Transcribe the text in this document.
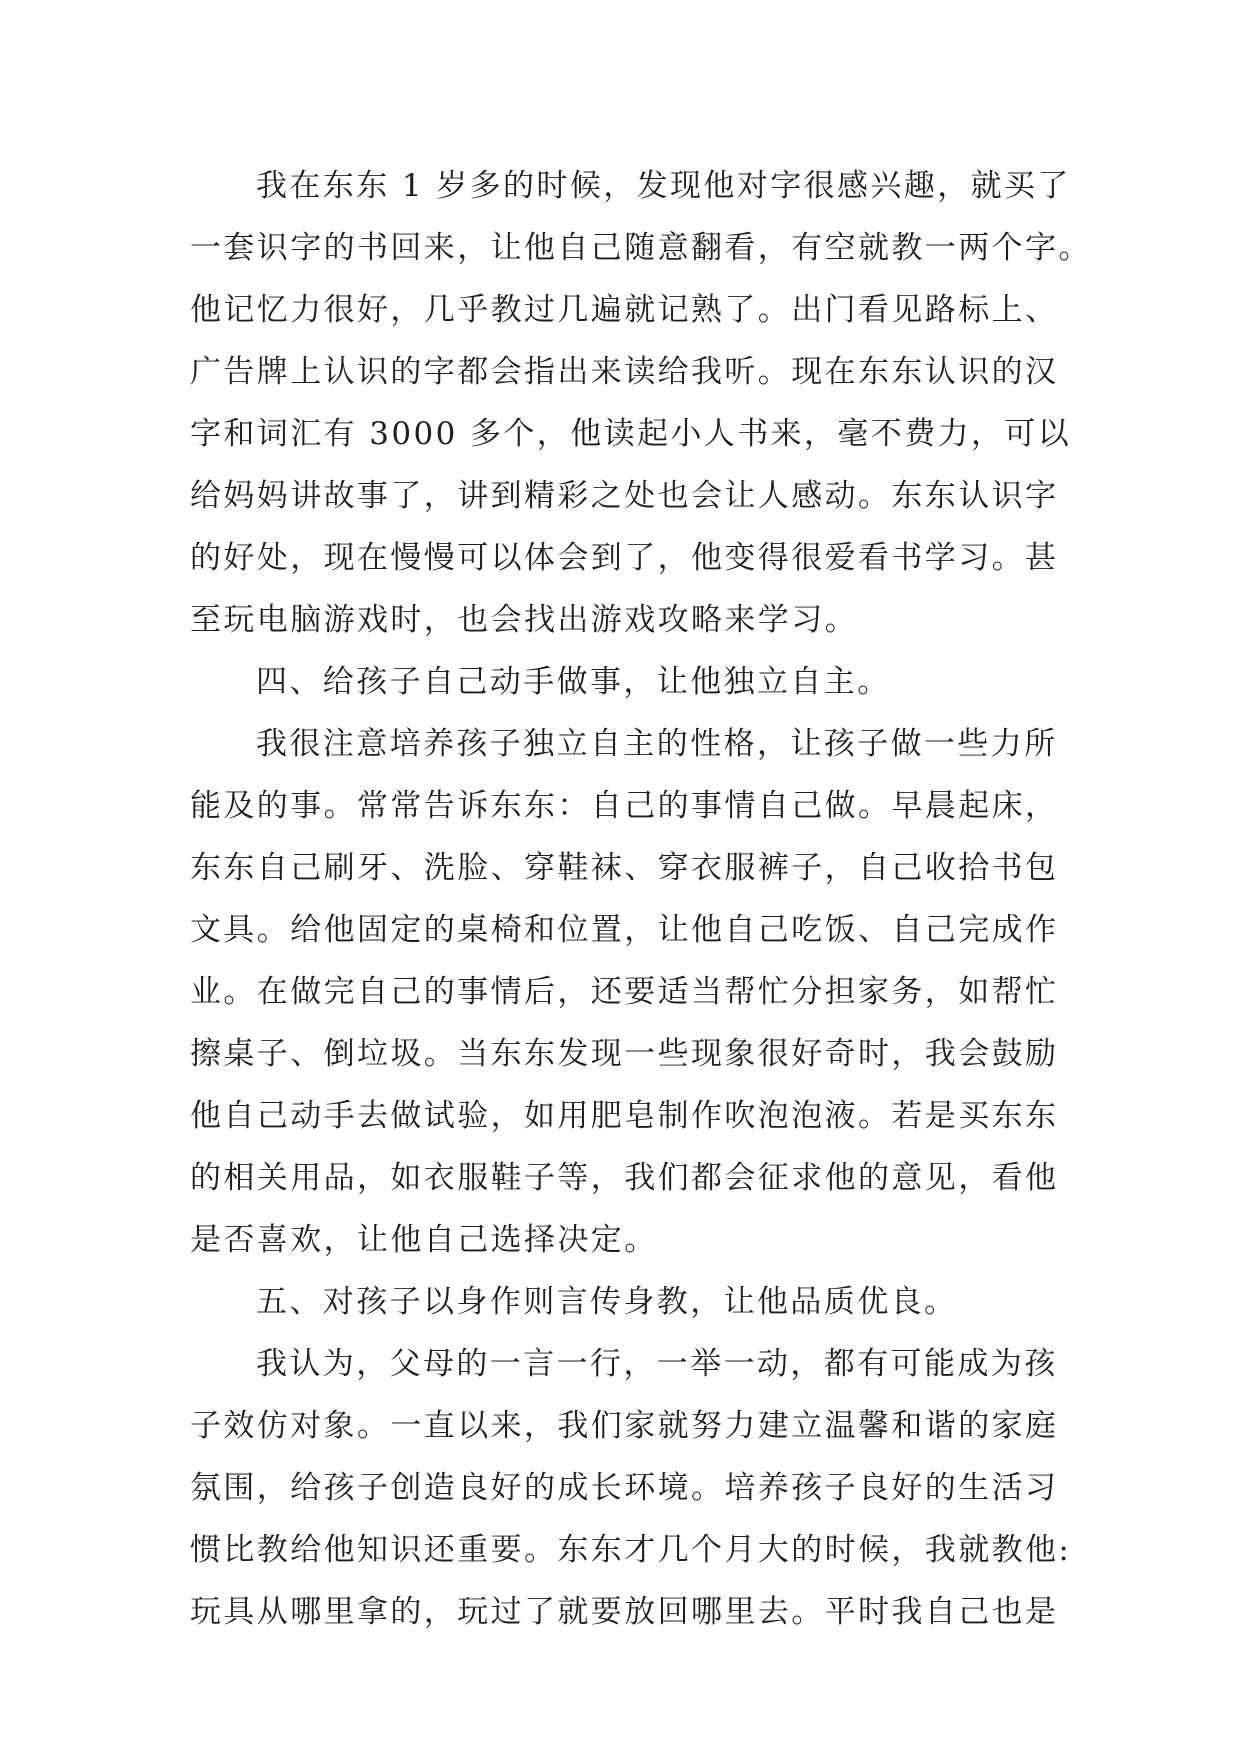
我在东东 1 岁多的时候，发现他对字很感兴趣，就买了
一套识字的书回来，让他自己随意翻看，有空就教一两个字。
他记忆力很好，几乎教过几遍就记熟了。出门看见路标上、
广告牌上认识的字都会指出来读给我听。现在东东认识的汉
字和词汇有 3000 多个，他读起小人书来，毫不费力，可以
给妈妈讲故事了，讲到精彩之处也会让人感动。东东认识字
的好处，现在慢慢可以体会到了，他变得很爱看书学习。甚
至玩电脑游戏时，也会找出游戏攻略来学习。
四、给孩子自己动手做事，让他独立自主。
我很注意培养孩子独立自主的性格，让孩子做一些力所
能及的事。常常告诉东东：自己的事情自己做。早晨起床，
东东自己刷牙、洗脸、穿鞋袜、穿衣服裤子，自己收拾书包
文具。给他固定的桌椅和位置，让他自己吃饭、自己完成作
业。在做完自己的事情后，还要适当帮忙分担家务，如帮忙
擦桌子、倒垃圾。当东东发现一些现象很好奇时，我会鼓励
他自己动手去做试验，如用肥皂制作吹泡泡液。若是买东东
的相关用品，如衣服鞋子等，我们都会征求他的意见，看他
是否喜欢，让他自己选择决定。
五、对孩子以身作则言传身教，让他品质优良。
我认为，父母的一言一行，一举一动，都有可能成为孩
子效仿对象。一直以来，我们家就努力建立温馨和谐的家庭
氛围，给孩子创造良好的成长环境。培养孩子良好的生活习
惯比教给他知识还重要。东东才几个月大的时候，我就教他:
玩具从哪里拿的，玩过了就要放回哪里去。平时我自己也是
